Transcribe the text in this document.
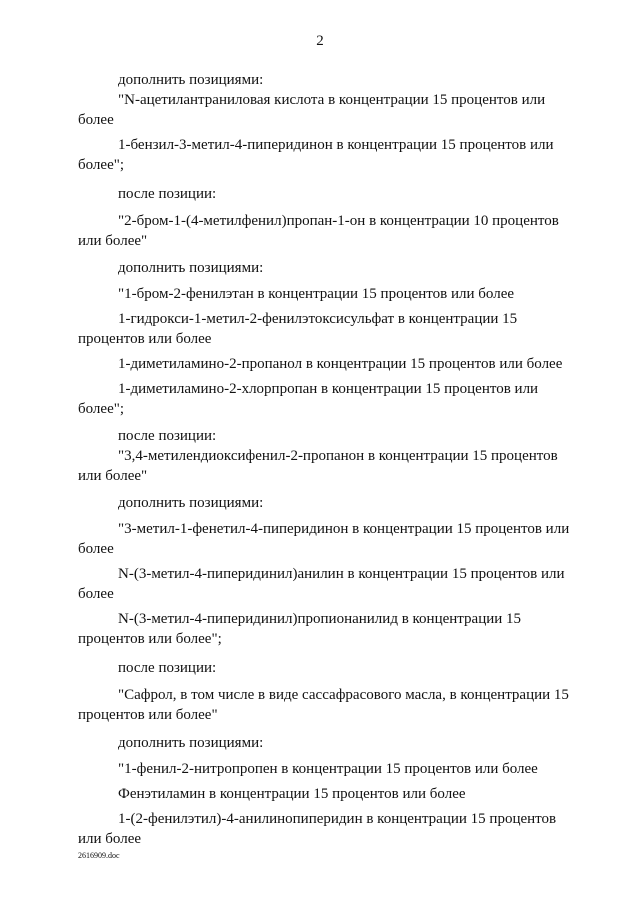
2

дополнить позициями:

"N-ацетилантраниловая кислота в концентрации 15 процентов или более

1-бензил-3-метил-4-пиперидинон в концентрации 15 процентов или более";

после позиции:

"2-бром-1-(4-метилфенил)пропан-1-он в концентрации 10 процентов или более"

дополнить позициями:

"1-бром-2-фенилэтан в концентрации 15 процентов или более

1-гидрокси-1-метил-2-фенилэтоксисульфат в концентрации 15 процентов или более

1-диметиламино-2-пропанол в концентрации 15 процентов или более

1-диметиламино-2-хлорпропан в концентрации 15 процентов или более";

после позиции:

"3,4-метилендиоксифенил-2-пропанон в концентрации 15 процентов или более"

дополнить позициями:

"3-метил-1-фенетил-4-пиперидинон в концентрации 15 процентов или более

N-(3-метил-4-пиперидинил)анилин в концентрации 15 процентов или более

N-(3-метил-4-пиперидинил)пропионанилид в концентрации 15 процентов или более";

после позиции:

"Сафрол, в том числе в виде сассафрасового масла, в концентрации 15 процентов или более"

дополнить позициями:

"1-фенил-2-нитропропен в концентрации 15 процентов или более

Фенэтиламин в концентрации 15 процентов или более

1-(2-фенилэтил)-4-анилинопиперидин в концентрации 15 процентов или более

2616909.doc
